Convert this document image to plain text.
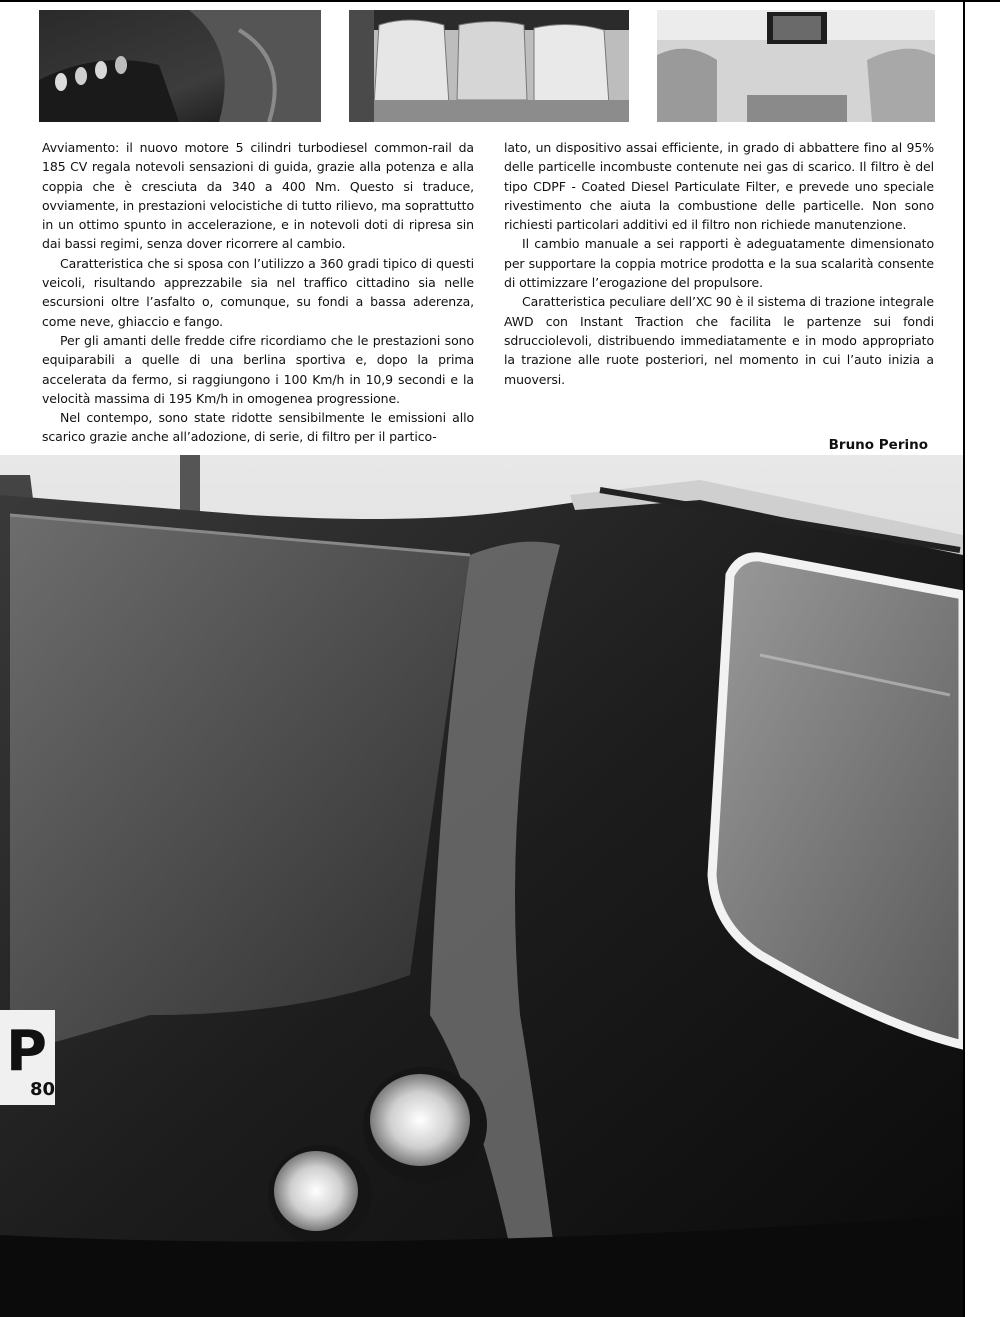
Avviamento: il nuovo motore 5 cilindri turbodiesel common-rail da 185 CV regala notevoli sensazioni di guida, grazie alla potenza e alla coppia che è cresciuta da 340 a 400 Nm. Questo si traduce, ovviamente, in prestazioni velocistiche di tutto rilievo, ma soprattutto in un ottimo spunto in accelerazione, e in notevoli doti di ripresa sin dai bassi regimi, senza dover ricorrere al cambio.

Caratteristica che si sposa con l’utilizzo a 360 gradi tipico di questi veicoli, risultando apprezzabile sia nel traffico cittadino sia nelle escursioni oltre l’asfalto o, comunque, su fondi a bassa aderenza, come neve, ghiaccio e fango.

Per gli amanti delle fredde cifre ricordiamo che le prestazioni sono equiparabili a quelle di una berlina sportiva e, dopo la prima accelerata da fermo, si raggiungono i 100 Km/h in 10,9 secondi e la velocità massima di 195 Km/h in omogenea progressione.

Nel contempo, sono state ridotte sensibilmente le emissioni allo scarico grazie anche all’adozione, di serie, di filtro per il partico-

lato, un dispositivo assai efficiente, in grado di abbattere fino al 95% delle particelle incombuste contenute nei gas di scarico. Il filtro è del tipo CDPF - Coated Diesel Particulate Filter, e prevede uno speciale rivestimento che aiuta la combustione delle particelle. Non sono richiesti particolari additivi ed il filtro non richiede manutenzione.

Il cambio manuale a sei rapporti è adeguatamente dimensionato per supportare la coppia motrice prodotta e la sua scalarità consente di ottimizzare l’erogazione del propulsore.

Caratteristica peculiare dell’XC 90 è il sistema di trazione integrale AWD con Instant Traction che facilita le partenze sui fondi sdrucciolevoli, distribuendo immediatamente e in modo appropriato la trazione alle ruote posteriori, nel momento in cui l’auto inizia a muoversi.

Bruno Perino
P
80
